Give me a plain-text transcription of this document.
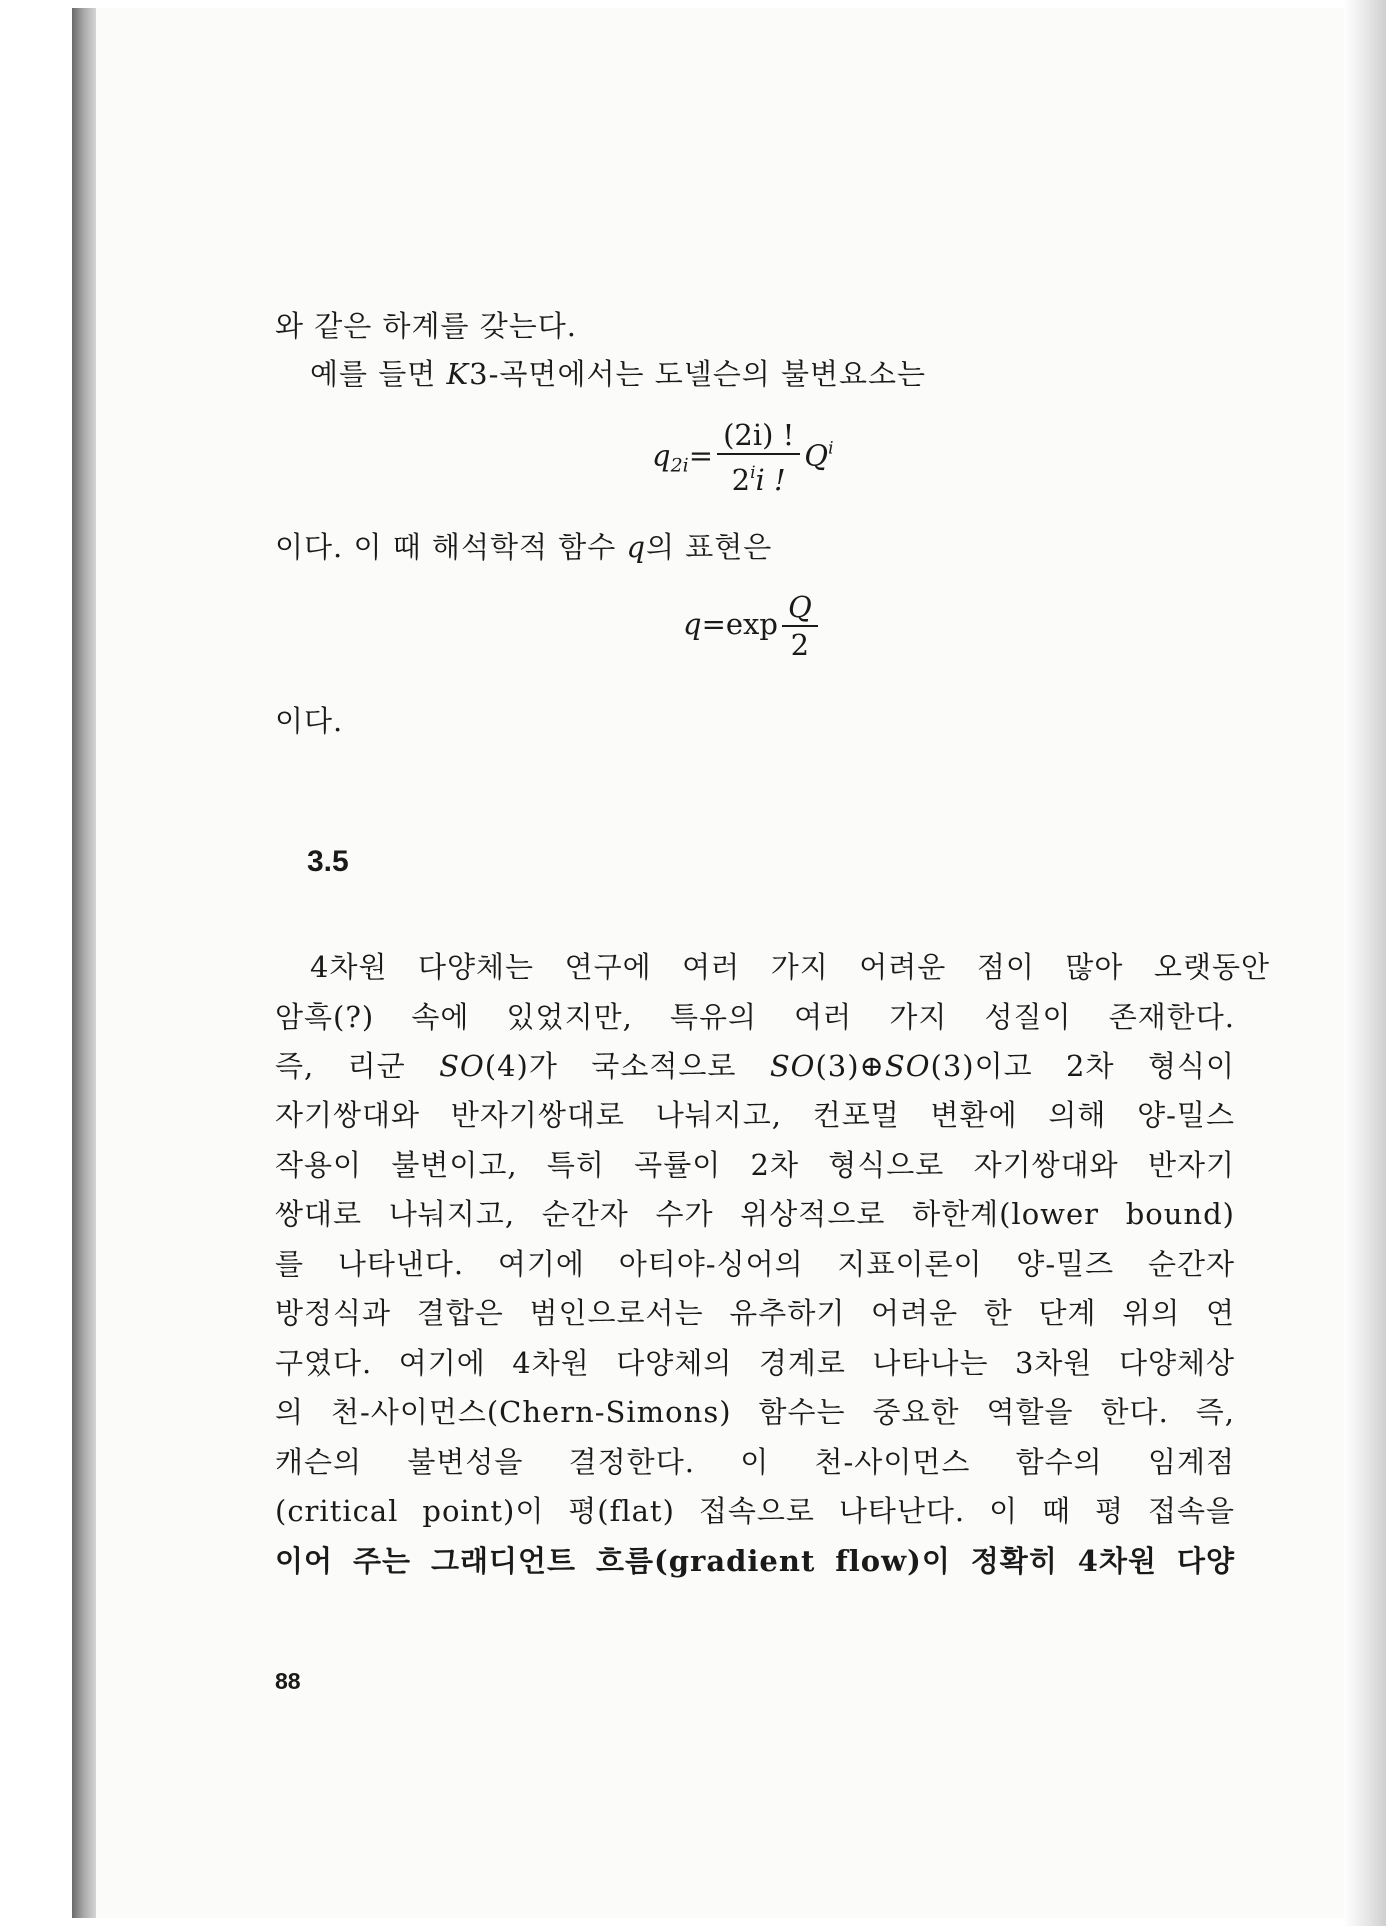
와 같은 하계를 갖는다.
예를 들면 K3-곡면에서는 도넬슨의 불변요소는
$q_{2i}= \frac{(2i) !}{2^ii !} Q^i$
이다. 이 때 해석학적 함수 q의 표현은
$q=\exp \frac{Q}{2}$
이다.
3.5
4차원 다양체는 연구에 여러 가지 어려운 점이 많아 오랫동안
암흑(?) 속에 있었지만, 특유의 여러 가지 성질이 존재한다.
즉, 리군 SO(4)가 국소적으로 SO(3)⊕SO(3)이고 2차 형식이
자기쌍대와 반자기쌍대로 나눠지고, 컨포멀 변환에 의해 양-밀스
작용이 불변이고, 특히 곡률이 2차 형식으로 자기쌍대와 반자기
쌍대로 나눠지고, 순간자 수가 위상적으로 하한계(lower bound)
를 나타낸다. 여기에 아티야-싱어의 지표이론이 양-밀즈 순간자
방정식과 결합은 범인으로서는 유추하기 어려운 한 단계 위의 연
구였다. 여기에 4차원 다양체의 경계로 나타나는 3차원 다양체상
의 천-사이먼스(Chern-Simons) 함수는 중요한 역할을 한다. 즉,
캐슨의 불변성을 결정한다. 이 천-사이먼스 함수의 임계점
(critical point)이 평(flat) 접속으로 나타난다. 이 때 평 접속을
이어 주는 그래디언트 흐름(gradient flow)이 정확히 4차원 다양
88
